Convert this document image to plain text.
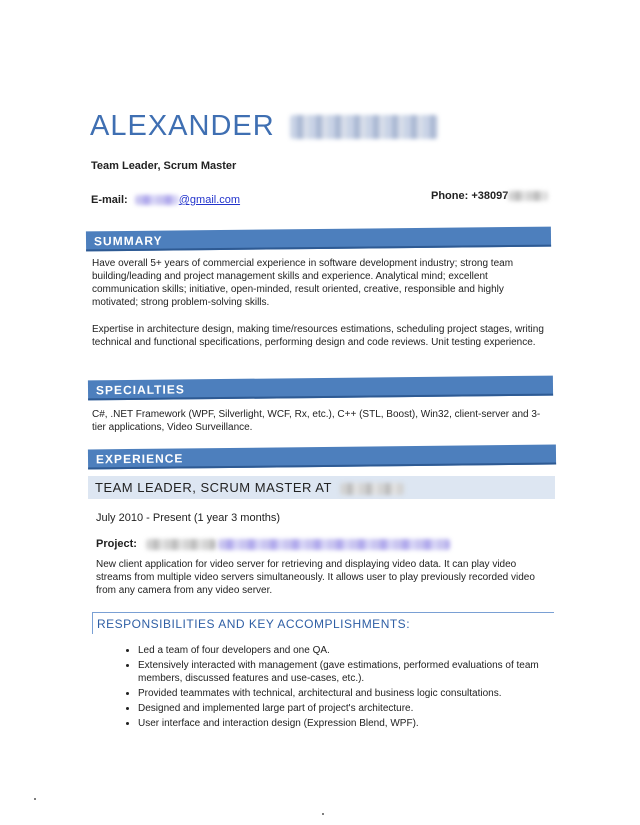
ALEXANDER
Team Leader, Scrum Master
E-mail:	@gmail.com	Phone: +38097
SUMMARY
Have overall 5+ years of commercial experience in software development industry; strong team building/leading and project management skills and experience. Analytical mind; excellent communication skills; initiative, open-minded, result oriented, creative, responsible and highly motivated; strong problem-solving skills.
Expertise in architecture design, making time/resources estimations, scheduling project stages, writing technical and functional specifications, performing design and code reviews. Unit testing experience.
SPECIALTIES
C#, .NET Framework (WPF, Silverlight, WCF, Rx, etc.), C++ (STL, Boost), Win32, client-server and 3-tier applications, Video Surveillance.
EXPERIENCE
TEAM LEADER, SCRUM MASTER AT
July 2010 - Present (1 year 3 months)
Project:
New client application for video server for retrieving and displaying video data. It can play video streams from multiple video servers simultaneously. It allows user to play previously recorded video from any camera from any video server.
RESPONSIBILITIES AND KEY ACCOMPLISHMENTS:
• Led a team of four developers and one QA.
• Extensively interacted with management (gave estimations, performed evaluations of team members, discussed features and use-cases, etc.).
• Provided teammates with technical, architectural and business logic consultations.
• Designed and implemented large part of project's architecture.
• User interface and interaction design (Expression Blend, WPF).
